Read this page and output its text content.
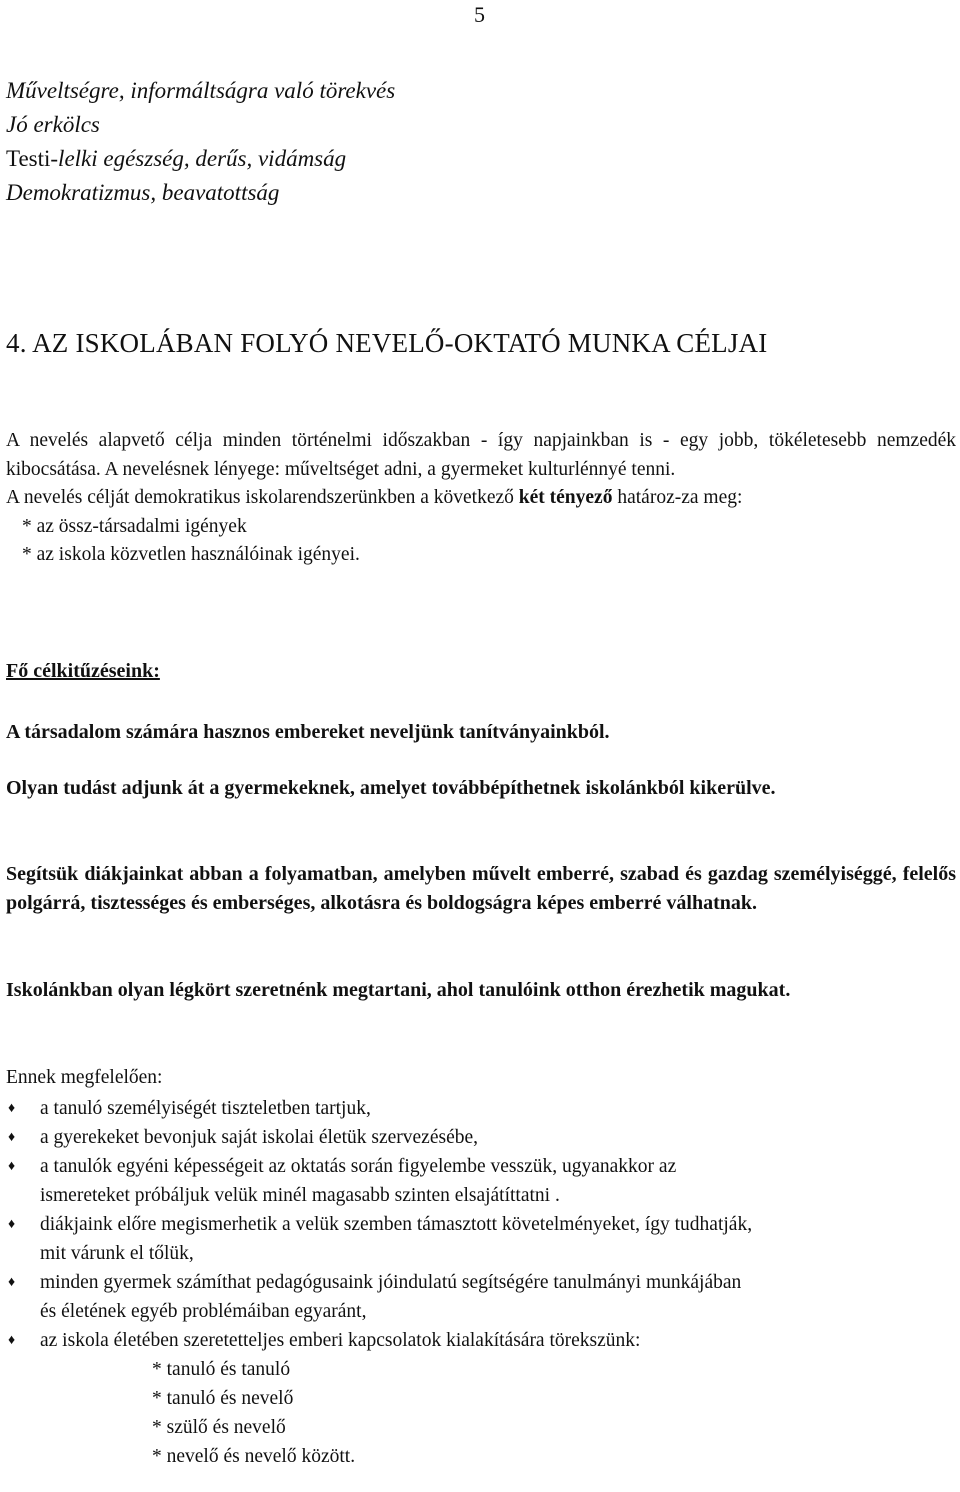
5
Műveltségre, informáltságra való törekvés
Jó erkölcs
Testi-lelki egészség, derűs, vidámság
Demokratizmus, beavatottság
4. AZ ISKOLÁBAN FOLYÓ NEVELŐ-OKTATÓ MUNKA CÉLJAI

A nevelés alapvető célja minden történelmi időszakban - így napjainkban is - egy jobb, tökéletesebb nemzedék kibocsátása. A nevelésnek lényege: műveltséget adni, a gyermeket kulturlénnyé tenni.

A nevelés célját demokratikus iskolarendszerünkben a következő két tényező határoz-za meg:

* az össz-társadalmi igények
* az iskola közvetlen használóinak igényei.
Fő célkitűzéseink:
A társadalom számára hasznos embereket neveljünk tanítványainkból.
Olyan tudást adjunk át a gyermekeknek, amelyet továbbépíthetnek iskolánkból kikerülve.
Segítsük diákjainkat abban a folyamatban, amelyben művelt emberré, szabad és gazdag személyiséggé, felelős polgárrá, tisztességes és emberséges, alkotásra és boldogságra képes emberré válhatnak.
Iskolánkban olyan légkört szeretnénk megtartani, ahol tanulóink otthon érezhetik magukat.
Ennek megfelelően:
♦ a tanuló személyiségét tiszteletben tartjuk,
♦ a gyerekeket bevonjuk saját iskolai életük szervezésébe,
♦ a tanulók egyéni képességeit az oktatás során figyelembe vesszük, ugyanakkor az
ismereteket próbáljuk velük minél magasabb szinten elsajátíttatni .
♦ diákjaink előre megismerhetik a velük szemben támasztott követelményeket, így tudhatják,
mit várunk el tőlük,
♦ minden gyermek számíthat pedagógusaink jóindulatú segítségére tanulmányi munkájában
és életének egyéb problémáiban egyaránt,
♦ az iskola életében szeretetteljes emberi kapcsolatok kialakítására törekszünk:
* tanuló és tanuló
* tanuló és nevelő
* szülő és nevelő
* nevelő és nevelő között.
